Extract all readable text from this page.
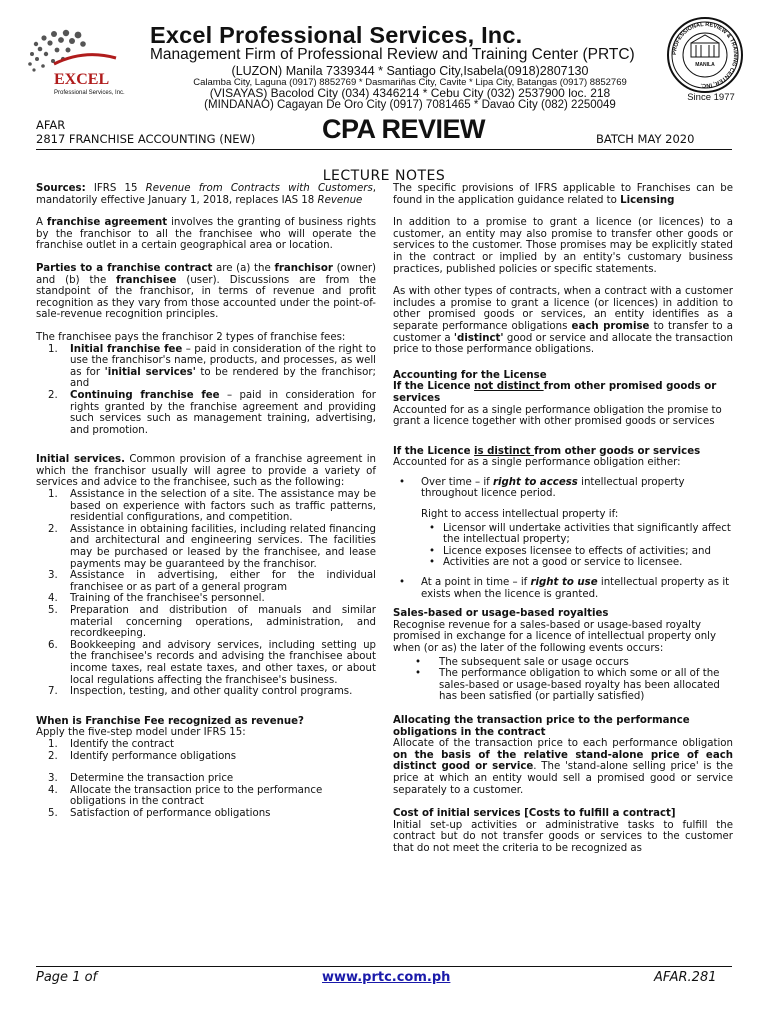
EXCEL
Professional Services, Inc.
Excel Professional Services, Inc.
Management Firm of Professional Review and Training Center (PRTC)
(LUZON) Manila 7339344 * Santiago City,Isabela(0918)2807130
Calamba City, Laguna (0917) 8852769 * Dasmariñas City, Cavite * Lipa City, Batangas (0917) 8852769
(VISAYAS) Bacolod City (034) 4346214 * Cebu City (032) 2537900 loc. 218
(MINDANAO) Cagayan De Oro City (0917) 7081465 * Davao City (082) 2250049
PROFESSIONAL REVIEW & TRAINING CENTER, INC.
MANILA
Since 1977
AFAR
2817 FRANCHISE ACCOUNTING (NEW) CPA REVIEW	BATCH MAY 2020
LECTURE NOTES

Sources: IFRS 15 Revenue from Contracts with Customers, mandatorily effective January 1, 2018, replaces IAS 18 Revenue

A franchise agreement involves the granting of business rights by the franchisor to all the franchisee who will operate the franchise outlet in a certain geographical area or location.

Parties to a franchise contract are (a) the franchisor (owner) and (b) the franchisee (user). Discussions are from the standpoint of the franchisor, in terms of revenue and profit recognition as they vary from those accounted under the point-of-sale-revenue recognition principles.

The franchisee pays the franchisor 2 types of franchise fees:

1. Initial franchise fee – paid in consideration of the right to use the franchisor's name, products, and processes, as well as for 'initial services' to be rendered by the franchisor; and
2. Continuing franchise fee – paid in consideration for rights granted by the franchise agreement and providing such services such as management training, advertising, and promotion.

Initial services. Common provision of a franchise agreement in which the franchisor usually will agree to provide a variety of services and advice to the franchisee, such as the following:

1. Assistance in the selection of a site. The assistance may be based on experience with factors such as traffic patterns, residential configurations, and competition.
2. Assistance in obtaining facilities, including related financing and architectural and engineering services. The facilities may be purchased or leased by the franchisee, and lease payments may be guaranteed by the franchisor.
3. Assistance in advertising, either for the individual franchisee or as part of a general program
4. Training of the franchisee's personnel.
5. Preparation and distribution of manuals and similar material concerning operations, administration, and recordkeeping.
6. Bookkeeping and advisory services, including setting up the franchisee's records and advising the franchisee about income taxes, real estate taxes, and other taxes, or about local regulations affecting the franchisee's business.
7. Inspection, testing, and other quality control programs.
When is Franchise Fee recognized as revenue?
Apply the five-step model under IFRS 15:
1. Identify the contract
2. Identify performance obligations
3. Determine the transaction price
4. Allocate the transaction price to the performance obligations in the contract
5. Satisfaction of performance obligations

The specific provisions of IFRS applicable to Franchises can be found in the application guidance related to Licensing

In addition to a promise to grant a licence (or licences) to a customer, an entity may also promise to transfer other goods or services to the customer. Those promises may be explicitly stated in the contract or implied by an entity's customary business practices, published policies or specific statements.

As with other types of contracts, when a contract with a customer includes a promise to grant a licence (or licences) in addition to other promised goods or services, an entity identifies as a separate performance obligations each promise to transfer to a customer a 'distinct' good or service and allocate the transaction price to those performance obligations.

Accounting for the License
If the Licence not distinct from other promised goods or services

Accounted for as a single performance obligation the promise to grant a licence together with other promised goods or services

If the Licence is distinct from other goods or services

Accounted for as a single performance obligation either:

• Over time – if right to access intellectual property throughout licence period.
Right to access intellectual property if:
• Licensor will undertake activities that significantly affect the intellectual property;
• Licence exposes licensee to effects of activities; and
• Activities are not a good or service to licensee.
• At a point in time – if right to use intellectual property as it exists when the licence is granted.
Sales-based or usage-based royalties

Recognise revenue for a sales-based or usage-based royalty promised in exchange for a licence of intellectual property only when (or as) the later of the following events occurs:

• The subsequent sale or usage occurs
• The performance obligation to which some or all of the sales-based or usage-based royalty has been allocated has been satisfied (or partially satisfied)
Allocating the transaction price to the performance obligations in the contract

Allocate of the transaction price to each performance obligation on the basis of the relative stand-alone price of each distinct good or service. The 'stand-alone selling price' is the price at which an entity would sell a promised good or service separately to a customer.

Cost of initial services [Costs to fulfill a contract]

Initial set-up activities or administrative tasks to fulfill the contract but do not transfer goods or services to the customer that do not meet the criteria to be recognized as

Page 1 of	www.prtc.com.ph	AFAR.281
